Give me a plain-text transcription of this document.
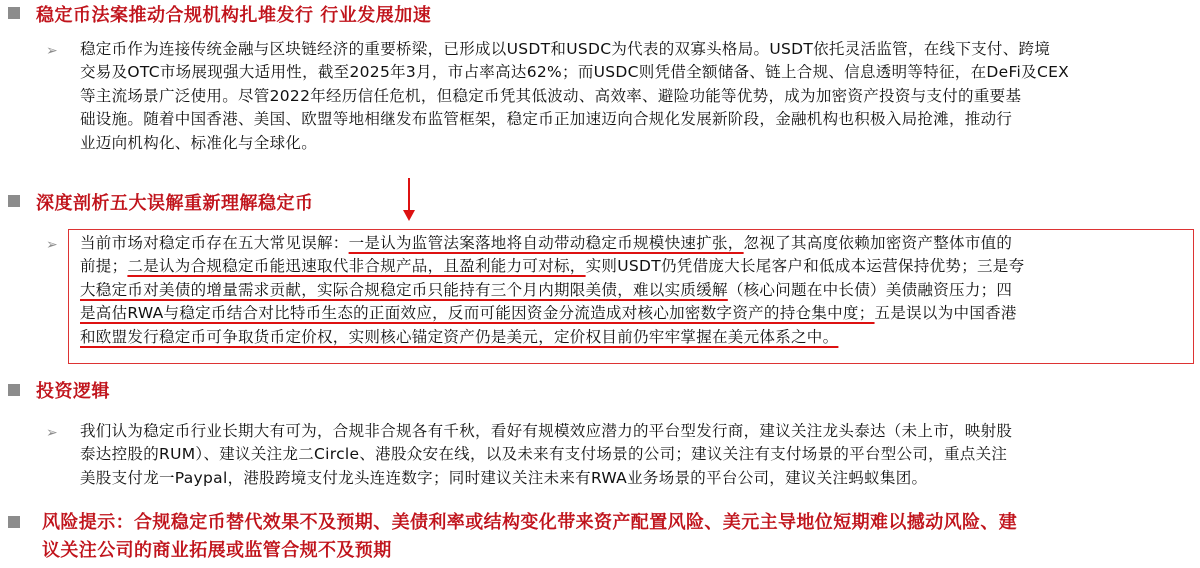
稳定币法案推动合规机构扎堆发行 行业发展加速
➢ 稳定币作为连接传统金融与区块链经济的重要桥梁，已形成以USDT和USDC为代表的双寡头格局。USDT依托灵活监管，在线下支付、跨境

交易及OTC市场展现强大适用性，截至2025年3月，市占率高达62%；而USDC则凭借全额储备、链上合规、信息透明等特征，在DeFi及CEX

等主流场景广泛使用。尽管2022年经历信任危机，但稳定币凭其低波动、高效率、避险功能等优势，成为加密资产投资与支付的重要基

础设施。随着中国香港、美国、欧盟等地相继发布监管框架，稳定币正加速迈向合规化发展新阶段，金融机构也积极入局抢滩，推动行

业迈向机构化、标准化与全球化。

深度剖析五大误解重新理解稳定币
➢ 当前市场对稳定币存在五大常见误解：一是认为监管法案落地将自动带动稳定币规模快速扩张，忽视了其高度依赖加密资产整体市值的

前提；二是认为合规稳定币能迅速取代非合规产品，且盈利能力可对标，实则USDT仍凭借庞大长尾客户和低成本运营保持优势；三是夸

大稳定币对美债的增量需求贡献，实际合规稳定币只能持有三个月内期限美债，难以实质缓解（核心问题在中长债）美债融资压力；四

是高估RWA与稳定币结合对比特币生态的正面效应，反而可能因资金分流造成对核心加密数字资产的持仓集中度；五是误以为中国香港

和欧盟发行稳定币可争取货币定价权，实则核心锚定资产仍是美元，定价权目前仍牢牢掌握在美元体系之中。

投资逻辑
➢ 我们认为稳定币行业长期大有可为，合规非合规各有千秋，看好有规模效应潜力的平台型发行商，建议关注龙头泰达（未上市，映射股

泰达控股的RUM）、建议关注龙二Circle、港股众安在线，以及未来有支付场景的公司；建议关注有支付场景的平台型公司，重点关注

美股支付龙一Paypal，港股跨境支付龙头连连数字；同时建议关注未来有RWA业务场景的平台公司，建议关注蚂蚁集团。

风险提示：合规稳定币替代效果不及预期、美债利率或结构变化带来资产配置风险、美元主导地位短期难以撼动风险、建

议关注公司的商业拓展或监管合规不及预期
